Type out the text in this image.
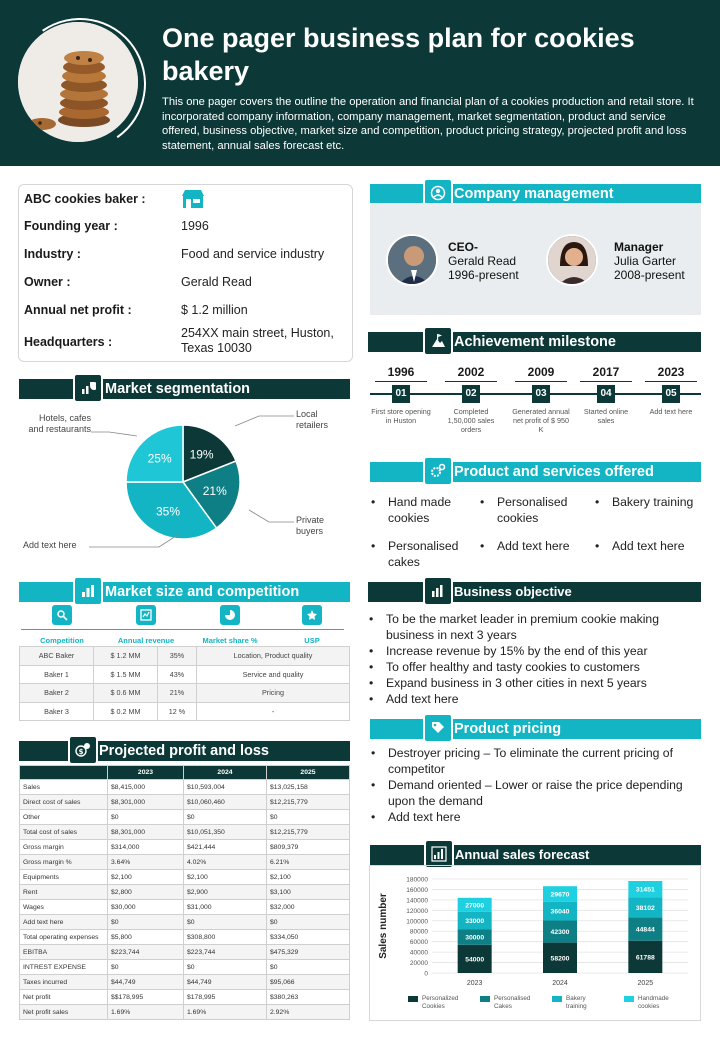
One pager business plan for cookies bakery
This one pager covers the outline the operation and financial plan of a cookies production and retail store. It incorporated company information, company management, market segmentation, product and service offered, business objective, market size and competition, product pricing strategy, projected profit and loss statement, annual sales forecast etc.
ABC cookies baker :
Founding year :	1996
Industry :	Food and service industry
Owner :	Gerald Read
Annual net profit :	$ 1.2 million
Headquarters :
254XX main street, Huston, Texas 10030
Company management
CEO-
Gerald Read
1996-present
Manager
Julia Garter
2008-present
Achievement milestone
1996
01
First store opening in Huston
2002
02
Completed 1,50,000 sales orders
2009
03
Generated annual net profit of $ 950 K
2017
04
Started online sales
2023
05
Add text here
Product and services offered
• Hand made cookies
• Personalised cookies
• Bakery training
• Personalised cakes
• Add text here	• Add text here
Business objective
• To be the market leader in premium cookie making business in next 3 years
• Increase revenue by 15% by the end of this year
• To offer healthy and tasty cookies to customers
• Expand business in 3 other cities in next 5 years
• Add text here
Product pricing
• Destroyer pricing – To eliminate the current pricing of competitor
• Demand oriented – Lower or raise the price depending upon the demand
• Add text here
Market segmentation
19%
21%
35%
25%
Local retailers
Private buyers
Add text here
Hotels, cafes and restaurants
Market size and competition
Competition	Annual revenue	Market share %	USP
ABC Baker	$ 1.2 MM	35%	Location, Product quality
Baker 1	$ 1.5 MM	43%	Service and quality
Baker 2	$ 0.6 MM	21%	Pricing
Baker 3	$ 0.2 MM	12 %	-
$ Projected profit and loss
	2023	2024	2025
Sales	$8,415,000	$10,593,004	$13,025,158
Direct cost of sales	$8,301,000	$10,060,460	$12,215,779
Other	$0	$0	$0
Total cost of sales	$8,301,000	$10,051,350	$12,215,779
Gross margin	$314,000	$421,444	$809,379
Gross margin %	3.64%	4.02%	6.21%
Equipments	$2,100	$2,100	$2,100
Rent	$2,800	$2,900	$3,100
Wages	$30,000	$31,000	$32,000
Add text here	$0	$0	$0
Total operating expenses	$5,800	$308,800	$334,050
EBITBA	$223,744	$223,744	$475,329
INTREST EXPENSE	$0	$0	$0
Taxes incurred	$44,749	$44,749	$95,066
Net profit	$$178,995	$178,995	$380,263
Net profit sales	1.69%	1.69%	2.92%
Annual sales forecast
0
20000
40000
60000
80000
100000
120000
140000
160000
180000
Sales number
54000
30000
33000
27000
2023
58200
42300
36040
29670
2024
61788
44844
38102
31451
2025
Personalized Cookies
Personalised Cakes
Bakery training
Handmade cookies
